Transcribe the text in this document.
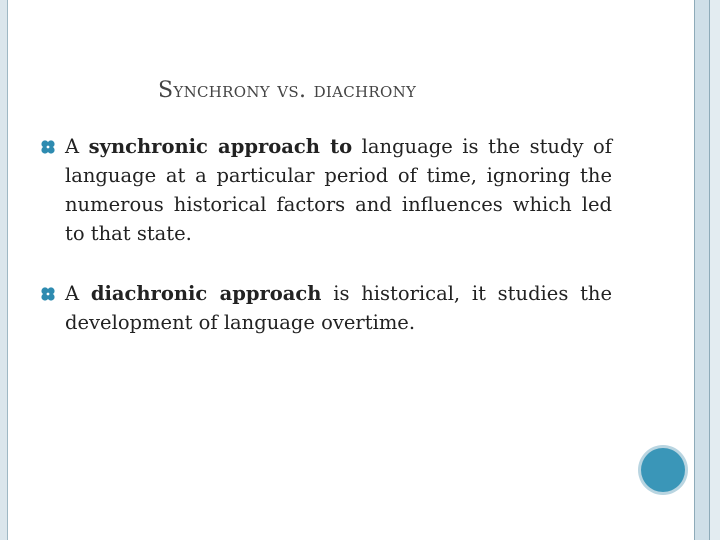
Synchrony vs. diachrony
A synchronic approach to language is the study of language at a particular period of time, ignoring the numerous historical factors and influences which led to that state.
A diachronic approach is historical, it studies the development of language overtime.
